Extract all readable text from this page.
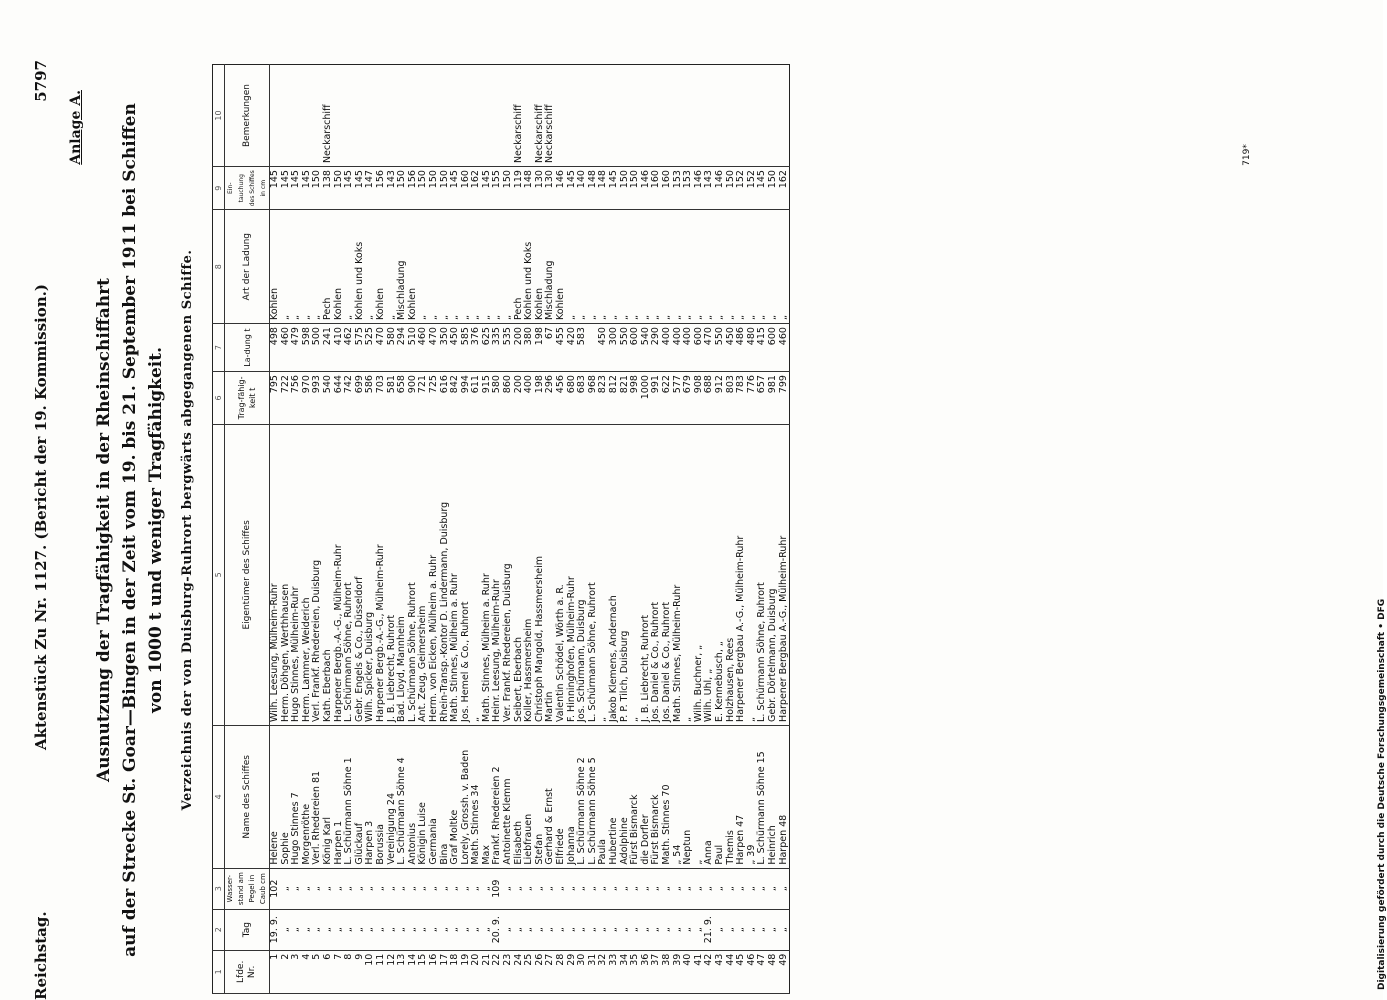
Reichstag.
Aktenstück Zu Nr. 1127. (Bericht der 19. Kommission.)
5797
Anlage A.
Ausnutzung der Tragfähigkeit in der Rheinschiffahrt auf der Strecke St. Goar—Bingen in der Zeit vom 19. bis 21. September 1911 bei Schiffen von 1000 t und weniger Tragfähigkeit. Verzeichnis der von Duisburg-Ruhrort bergwärts abgegangenen Schiffe.
1	2	3	4	5	6	7	8	9	10
Lfde. Nr.	Tag	Wasser-stand am Pegel in Caub cm	Name des Schiffes	Eigentümer des Schiffes	Trag-fähig-keit t	La-dung t	Art der Ladung	Ein-tauchung des Schiffes in cm	Bemerkungen
1	19. 9.	102	Helene	Wilh. Leesung, Mülheim-Ruhr	795	498	Kohlen	145	
2	„	„	Sophie	Herm. Döhgen, Werthhausen	722	460	„	145	
3	„	„	Hugo Stinnes 7	Hugo Stinnes, Mülheim-Ruhr	756	479	„	145	
4	„	„	Morgenröthe	Herm. Lammer, Weiderich	970	598	„	145	
5	„	„	Verl. Rhedereien 81	Verl. Frankf. Rhedereien, Duisburg	993	500	„	150	
6	„	„	König Karl	Kath. Eberbach	540	241	Pech	138	Neckarschiff
7	„	„	Harpen 1	Harpener Bergb.-A.-G., Mülheim-Ruhr	644	410	Kohlen	150	
8	„	„	L. Schürmann Söhne 1	L. Schürmann Söhne, Ruhrort	742	462	„	145	
9	„	„	Glückauf	Gebr. Engels & Co., Düsseldorf	699	575	Kohlen und Koks	145	
10	„	„	Harpen 3	Wilh. Spicker, Duisburg	586	525	„	147	
11	„	„	Borussia	Harpener Bergb.-A.-G., Mülheim-Ruhr	703	470	Kohlen	156	
12	„	„	Vereinigung 24	J. B. Liebrecht, Ruhrort	581	580	„	143	
13	„	„	L. Schürmann Söhne 4	Bad. Lloyd, Mannheim	658	294	Mischladung	150	
14	„	„	Antonius	L. Schürmann Söhne, Ruhrort	900	510	Kohlen	156	
15	„	„	Königin Luise	Ant. Zeug, Geimersheim	721	460	„	150	
16	„	„	Germania	Herm. von Eicken, Mülheim a. Ruhr	725	470	„	150	
17	„	„	Bina	Rhein-Transp.-Kontor D. Lindermann, Duisburg	616	350	„	150	
18	„	„	Graf Moltke	Math. Stinnes, Mülheim a. Ruhr	842	450	„	145	
19	„	„	Lorely, Grossh. v. Baden	Jos. Hemel & Co., Ruhrort	994	585	„	160	
20	„	„	Math. Stinnes 34	„	611	376	„	162	
21	„	„	Max	Math. Stinnes, Mülheim a. Ruhr	915	625	„	145	
22	20. 9.	109	Frankf. Rhedereien 2	Heinr. Leesung, Mülheim-Ruhr	580	335	„	155	
23	„	„	Antoinette Klemm	Ver. Frankf. Rhedereien, Duisburg	860	535	„	150	
24	„	„	Elisabeth	Seibert, Eberbach	200	200	Pech	119	Neckarschiff
25	„	„	Liebfrauen	Koller, Hassmersheim	400	380	Kohlen und Koks	148	
26	„	„	Stefan	Christoph Mangold, Hassmersheim	198	198	Kohlen	130	Neckarschiff
27	„	„	Gerhard & Ernst	Martin	296	67	Mischladung	130	Neckarschiff
28	„	„	Elfriede	Valentin Schödel, Wörth a. R.	456	455	Kohlen	146	
29	„	„	Johanna	F. Hinninghofen, Mülheim-Ruhr	680	420	„	145	
30	„	„	L. Schürmann Söhne 2	Jos. Schürmann, Duisburg	683	583	„	140	
31	„	„	L. Schürmann Söhne 5	L. Schürmann Söhne, Ruhrort	968		„	148	
32	„	„	Paula	„	823	450	„	148	
33	„	„	Hubertine	Jakob Klemens, Andernach	812	300	„	145	
34	„	„	Adolphine	P. P. Tilch, Duisburg	821	550	„	150	
35	„	„	Fürst Bismarck	„	998	600	„	150	
36	„	„	die Dorfler	J. B. Liebrecht, Ruhrort	1000	540	„	146	
37	„	„	Fürst Bismarck	Jos. Daniel & Co., Ruhrort	991	290	„	160	
38	„	„	Math. Stinnes 70	Jos. Daniel & Co., Ruhrort	622	400	„	160	
39	„	„	„ 54	Math. Stinnes, Mülheim-Ruhr	577	400	„	153	
40	„	„	Neptun	„	679	400	„	153	
41	„	„	„	Wilh. Buchner, „	908	600	„	146	
42	21. 9.	„	Anna	Wilh. Uhl, „	688	470	„	143	
43	„	„	Paul	E. Kennebusch, „	912	550	„	146	
44	„	„	Themis	Holzhausen, Rees	803	450	„	150	
45	„	„	Harpen 47	Harpener Bergbau A.-G., Mülheim-Ruhr	783	486	„	152	
46	„	„	„ 39	„	776	480	„	152	
47	„	„	L. Schürmann Söhne 15	L. Schürmann Söhne, Ruhrort	657	415	„	145	
48	„	„	Heinrich	Gebr. Dörtelmann, Duisburg	981	600	„	150	
49	„	„	Harpen 48	Harpener Bergbau A.-G., Mülheim-Ruhr	799	460	„	162	
719*
Digitalisierung gefördert durch die Deutsche Forschungsgemeinschaft • DFG
